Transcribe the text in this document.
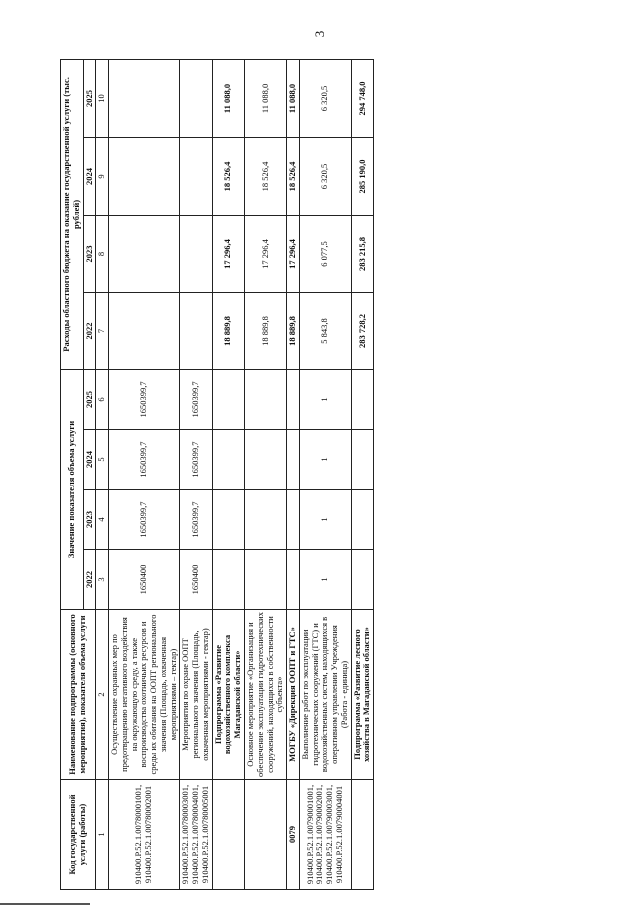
3
Код государственной услуги (работы)	Наименование подпрограммы (основного мероприятия), показателя объема услуги	Значение показателя объема услуги				Расходы областного бюджета на оказание государственной услуги (тыс. рублей)			
		2022	2023	2024	2025	2022	2023	2024	2025
1	2	3	4	5	6	7	8	9	10
910400.Р.52.1.00780001001, 910400.Р.52.1.00780002001	Осуществление охранных мер по предотвращению негативного воздействия на окружающую среду, а также воспроизводства охотничьих ресурсов и среды их обитания на ООПТ регионального значения (Площадь, охваченная мероприятиями – гектар)	1650400	1650399,7	1650399,7	1650399,7				
910400.Р.52.1.00780003001, 910400.Р.52.1.00780004001, 910400.Р.52.1.00780005001	Мероприятия по охране ООПТ регионального значения (Площадь, охваченная мероприятиями - гектар)	1650400	1650399,7	1650399,7	1650399,7				
	Подпрограмма «Развитие водохозяйственного комплекса Магаданской области»					18 889,8	17 296,4	18 526,4	11 088,0
	Основное мероприятие «Организация и обеспечение эксплуатации гидротехнических сооружений, находящихся в собственности субъекта»					18 889,8	17 296,4	18 526,4	11 088,0
0079	МОГБУ «Дирекция ООПТ и ГТС»					18 889,8	17 296,4	18 526,4	11 088,0
910400.Р.52.1.00790001001, 910400.Р.52.1.00790002001, 910400.Р.52.1.00790003001, 910400.Р.52.1.00790004001	Выполнение работ по эксплуатации гидротехнических сооружений (ГТС) и водохозяйственных систем, находящихся в оперативном управлении Учреждения (Работа - единица)	1	1	1	1	5 843,8	6 077,5	6 320,5	6 320,5
	Подпрограмма «Развитие лесного хозяйства в Магаданской области»					283 728,2	283 215,8	285 190,0	294 748,0
